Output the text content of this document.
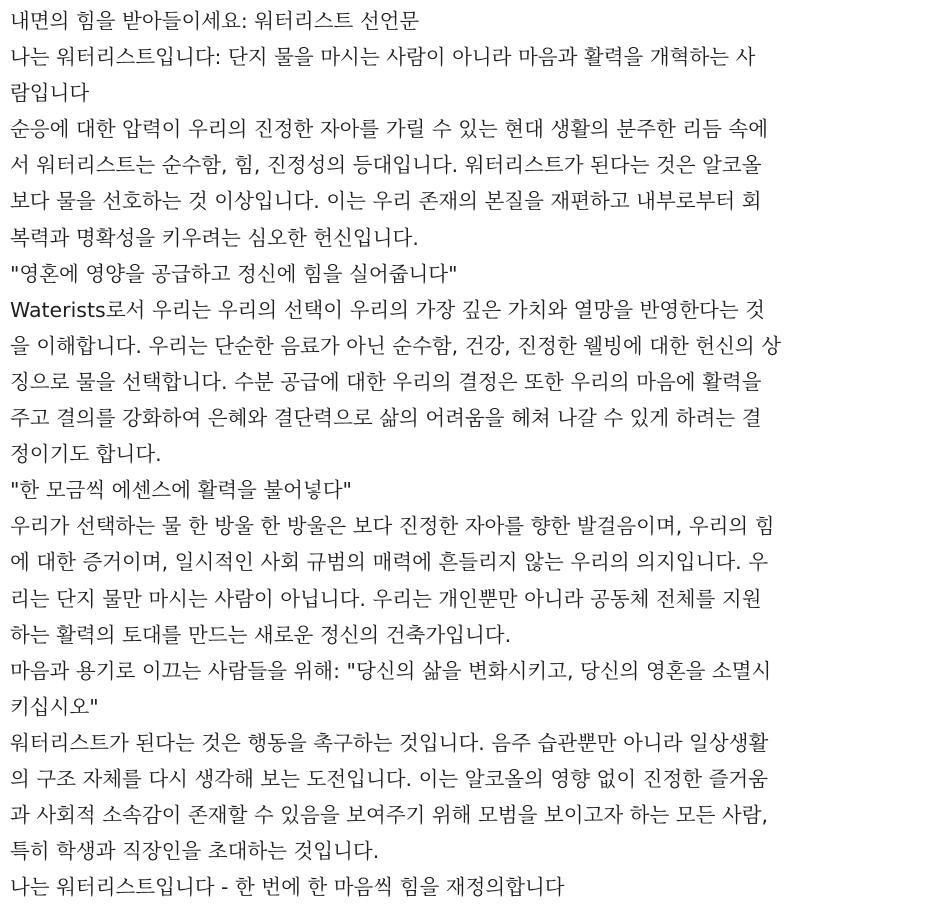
내면의 힘을 받아들이세요: 워터리스트 선언문
나는 워터리스트입니다: 단지 물을 마시는 사람이 아니라 마음과 활력을 개혁하는 사
람입니다
순응에 대한 압력이 우리의 진정한 자아를 가릴 수 있는 현대 생활의 분주한 리듬 속에
서 워터리스트는 순수함, 힘, 진정성의 등대입니다. 워터리스트가 된다는 것은 알코올
보다 물을 선호하는 것 이상입니다. 이는 우리 존재의 본질을 재편하고 내부로부터 회
복력과 명확성을 키우려는 심오한 헌신입니다.
"영혼에 영양을 공급하고 정신에 힘을 실어줍니다"
Waterists로서 우리는 우리의 선택이 우리의 가장 깊은 가치와 열망을 반영한다는 것
을 이해합니다. 우리는 단순한 음료가 아닌 순수함, 건강, 진정한 웰빙에 대한 헌신의 상
징으로 물을 선택합니다. 수분 공급에 대한 우리의 결정은 또한 우리의 마음에 활력을
주고 결의를 강화하여 은혜와 결단력으로 삶의 어려움을 헤쳐 나갈 수 있게 하려는 결
정이기도 합니다.
"한 모금씩 에센스에 활력을 불어넣다"
우리가 선택하는 물 한 방울 한 방울은 보다 진정한 자아를 향한 발걸음이며, 우리의 힘
에 대한 증거이며, 일시적인 사회 규범의 매력에 흔들리지 않는 우리의 의지입니다. 우
리는 단지 물만 마시는 사람이 아닙니다. 우리는 개인뿐만 아니라 공동체 전체를 지원
하는 활력의 토대를 만드는 새로운 정신의 건축가입니다.
마음과 용기로 이끄는 사람들을 위해: "당신의 삶을 변화시키고, 당신의 영혼을 소멸시
키십시오"
워터리스트가 된다는 것은 행동을 촉구하는 것입니다. 음주 습관뿐만 아니라 일상생활
의 구조 자체를 다시 생각해 보는 도전입니다. 이는 알코올의 영향 없이 진정한 즐거움
과 사회적 소속감이 존재할 수 있음을 보여주기 위해 모범을 보이고자 하는 모든 사람,
특히 학생과 직장인을 초대하는 것입니다.
나는 워터리스트입니다 - 한 번에 한 마음씩 힘을 재정의합니다
